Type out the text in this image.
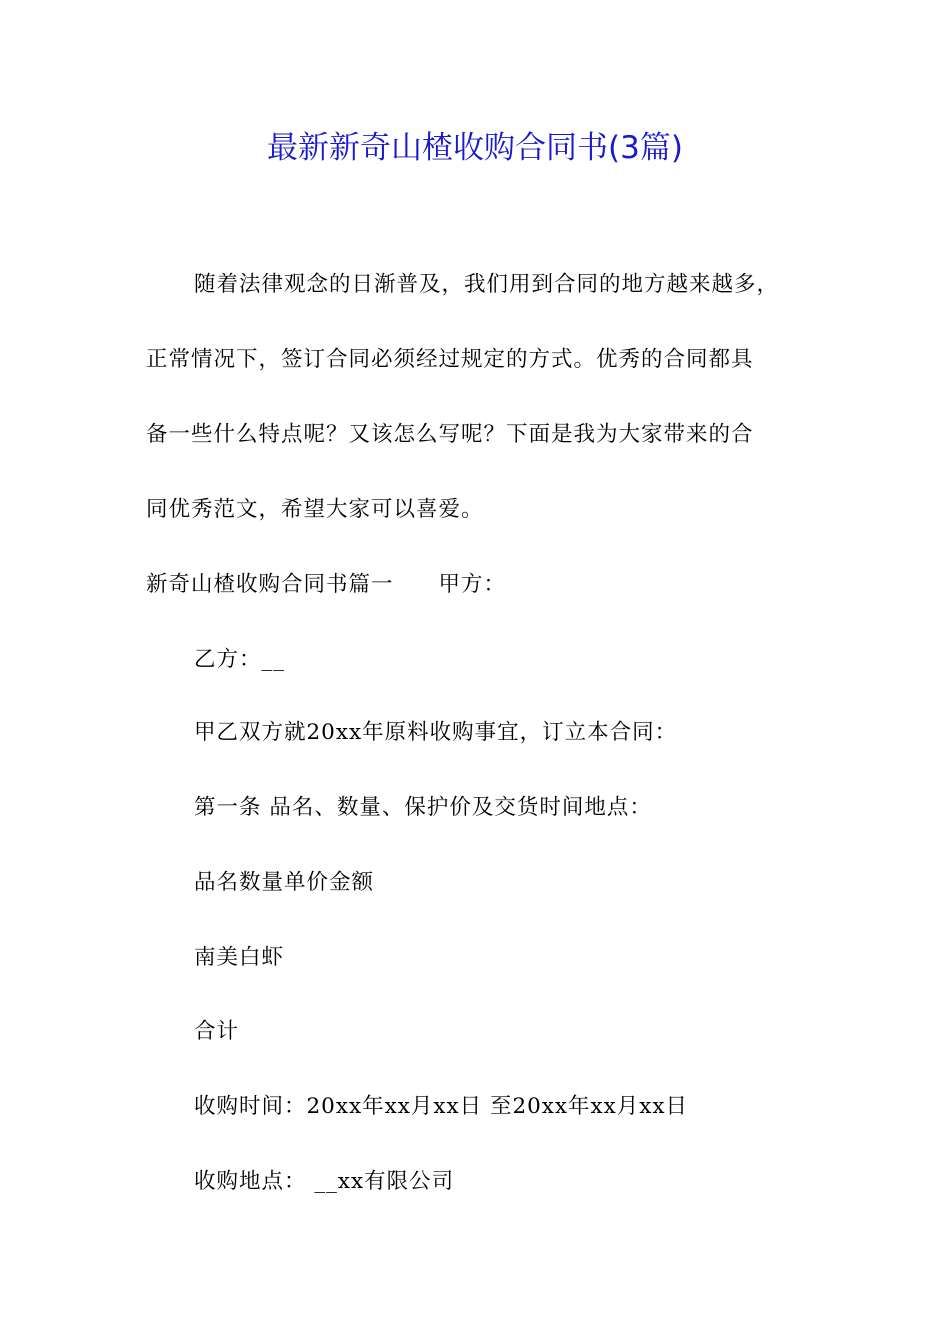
最新新奇山楂收购合同书(3篇)
随着法律观念的日渐普及，我们用到合同的地方越来越多，
正常情况下，签订合同必须经过规定的方式。优秀的合同都具
备一些什么特点呢？又该怎么写呢？下面是我为大家带来的合
同优秀范文，希望大家可以喜爱。
新奇山楂收购合同书篇一　　甲方：
乙方：__
甲乙双方就20xx年原料收购事宜，订立本合同：
第一条 品名、数量、保护价及交货时间地点：
品名数量单价金额
南美白虾
合计
收购时间：20xx年xx月xx日 至20xx年xx月xx日
收购地点： __xx有限公司
